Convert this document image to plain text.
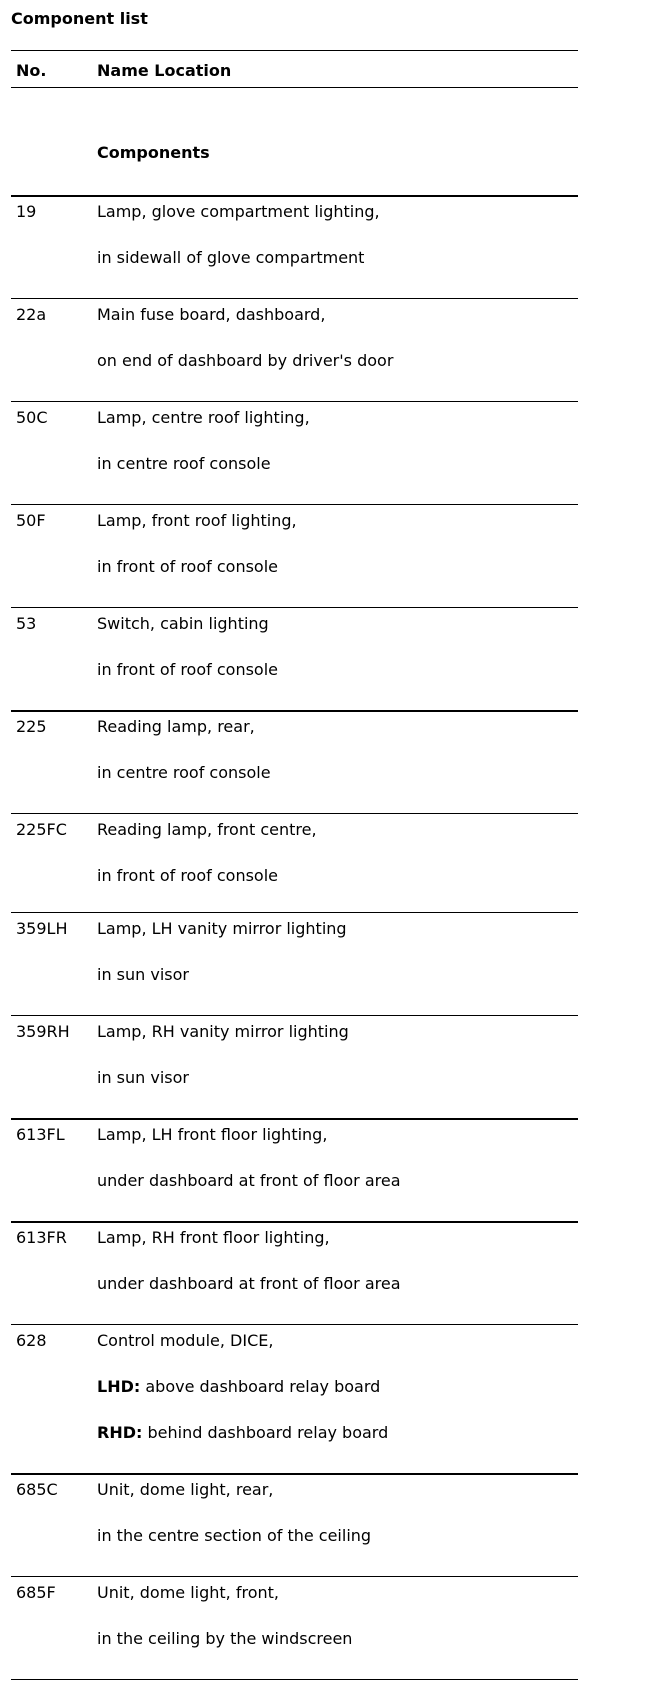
Component list
No.	Name Location
Components
19	Lamp, glove compartment lighting,
in sidewall of glove compartment
22a	Main fuse board, dashboard,
on end of dashboard by driver's door
50C	Lamp, centre roof lighting,
in centre roof console
50F	Lamp, front roof lighting,
in front of roof console
53	Switch, cabin lighting
in front of roof console
225	Reading lamp, rear,
in centre roof console
225FC Reading lamp, front centre,
in front of roof console
359LH Lamp, LH vanity mirror lighting
in sun visor
359RH Lamp, RH vanity mirror lighting
in sun visor
613FL Lamp, LH front floor lighting,
under dashboard at front of floor area
613FR Lamp, RH front floor lighting,
under dashboard at front of floor area
628	Control module, DICE,
LHD: above dashboard relay board
RHD: behind dashboard relay board
685C Unit, dome light, rear,
in the centre section of the ceiling
685F	Unit, dome light, front,
in the ceiling by the windscreen
